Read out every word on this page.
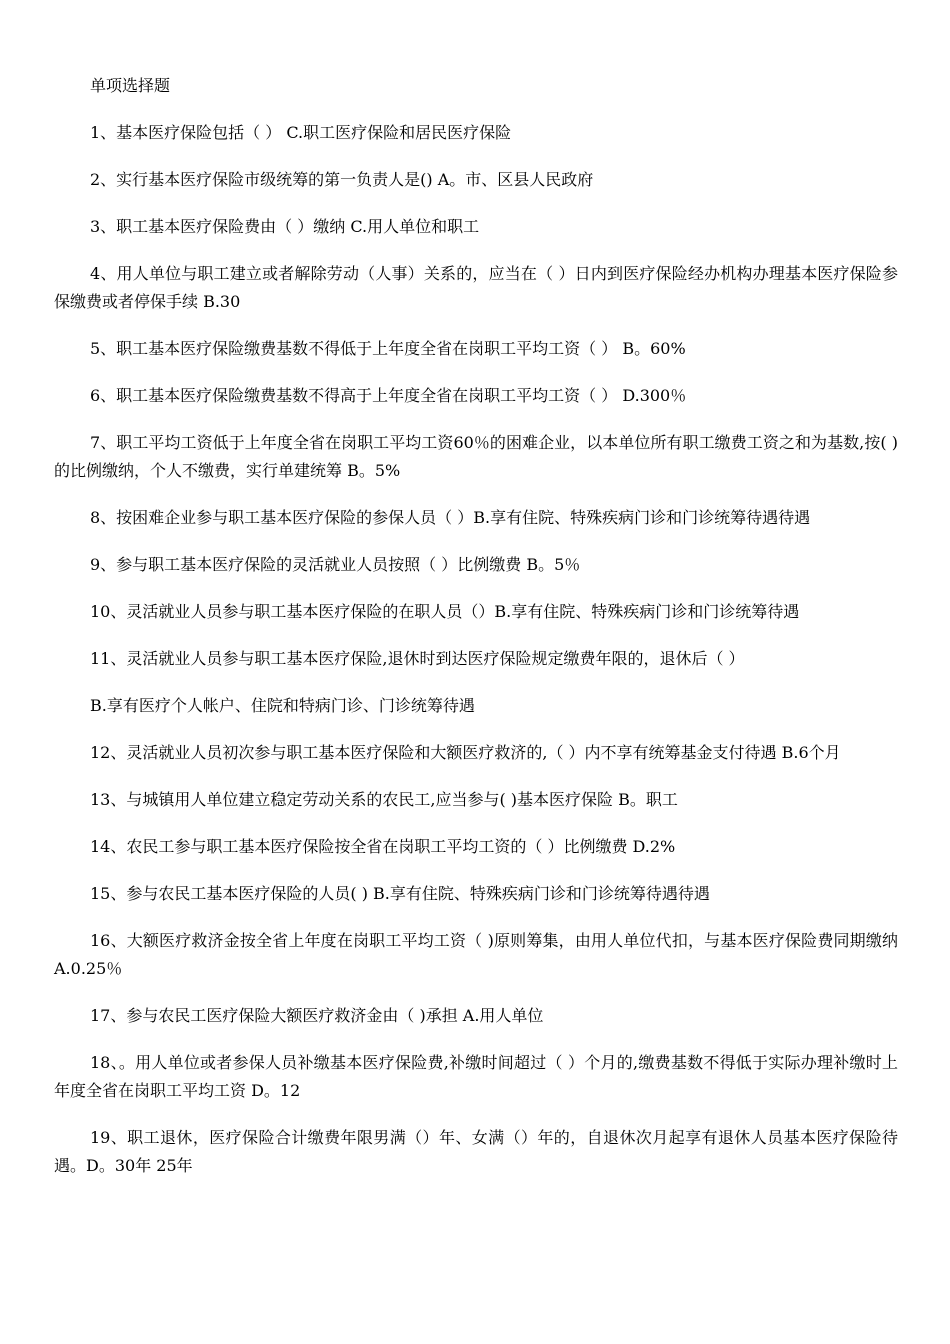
单项选择题

1、基本医疗保险包括（ ） C.职工医疗保险和居民医疗保险

2、实行基本医疗保险市级统筹的第一负责人是() A。市、区县人民政府

3、职工基本医疗保险费由（ ）缴纳 C.用人单位和职工

4、用人单位与职工建立或者解除劳动（人事）关系的，应当在（ ）日内到医疗保险经办机构办理基本医疗保险参保缴费或者停保手续 B.30

5、职工基本医疗保险缴费基数不得低于上年度全省在岗职工平均工资（ ） B。60%

6、职工基本医疗保险缴费基数不得高于上年度全省在岗职工平均工资（ ） D.300％

7、职工平均工资低于上年度全省在岗职工平均工资60％的困难企业，以本单位所有职工缴费工资之和为基数,按( ) 的比例缴纳，个人不缴费，实行单建统筹 B。5%

8、按困难企业参与职工基本医疗保险的参保人员（ ）B.享有住院、特殊疾病门诊和门诊统筹待遇待遇

9、参与职工基本医疗保险的灵活就业人员按照（ ）比例缴费 B。5％

10、灵活就业人员参与职工基本医疗保险的在职人员（）B.享有住院、特殊疾病门诊和门诊统筹待遇

11、灵活就业人员参与职工基本医疗保险,退休时到达医疗保险规定缴费年限的，退休后（ ）

B.享有医疗个人帐户、住院和特病门诊、门诊统筹待遇

12、灵活就业人员初次参与职工基本医疗保险和大额医疗救济的,（ ）内不享有统筹基金支付待遇 B.6个月

13、与城镇用人单位建立稳定劳动关系的农民工,应当参与( )基本医疗保险 B。职工

14、农民工参与职工基本医疗保险按全省在岗职工平均工资的（ ）比例缴费 D.2%

15、参与农民工基本医疗保险的人员( ) B.享有住院、特殊疾病门诊和门诊统筹待遇待遇

16、大额医疗救济金按全省上年度在岗职工平均工资（ )原则筹集，由用人单位代扣，与基本医疗保险费同期缴纳 A.0.25％

17、参与农民工医疗保险大额医疗救济金由（ )承担 A.用人单位

18、。用人单位或者参保人员补缴基本医疗保险费,补缴时间超过（ ）个月的,缴费基数不得低于实际办理补缴时上年度全省在岗职工平均工资 D。12

19、职工退休，医疗保险合计缴费年限男满（）年、女满（）年的，自退休次月起享有退休人员基本医疗保险待遇。D。30年 25年
